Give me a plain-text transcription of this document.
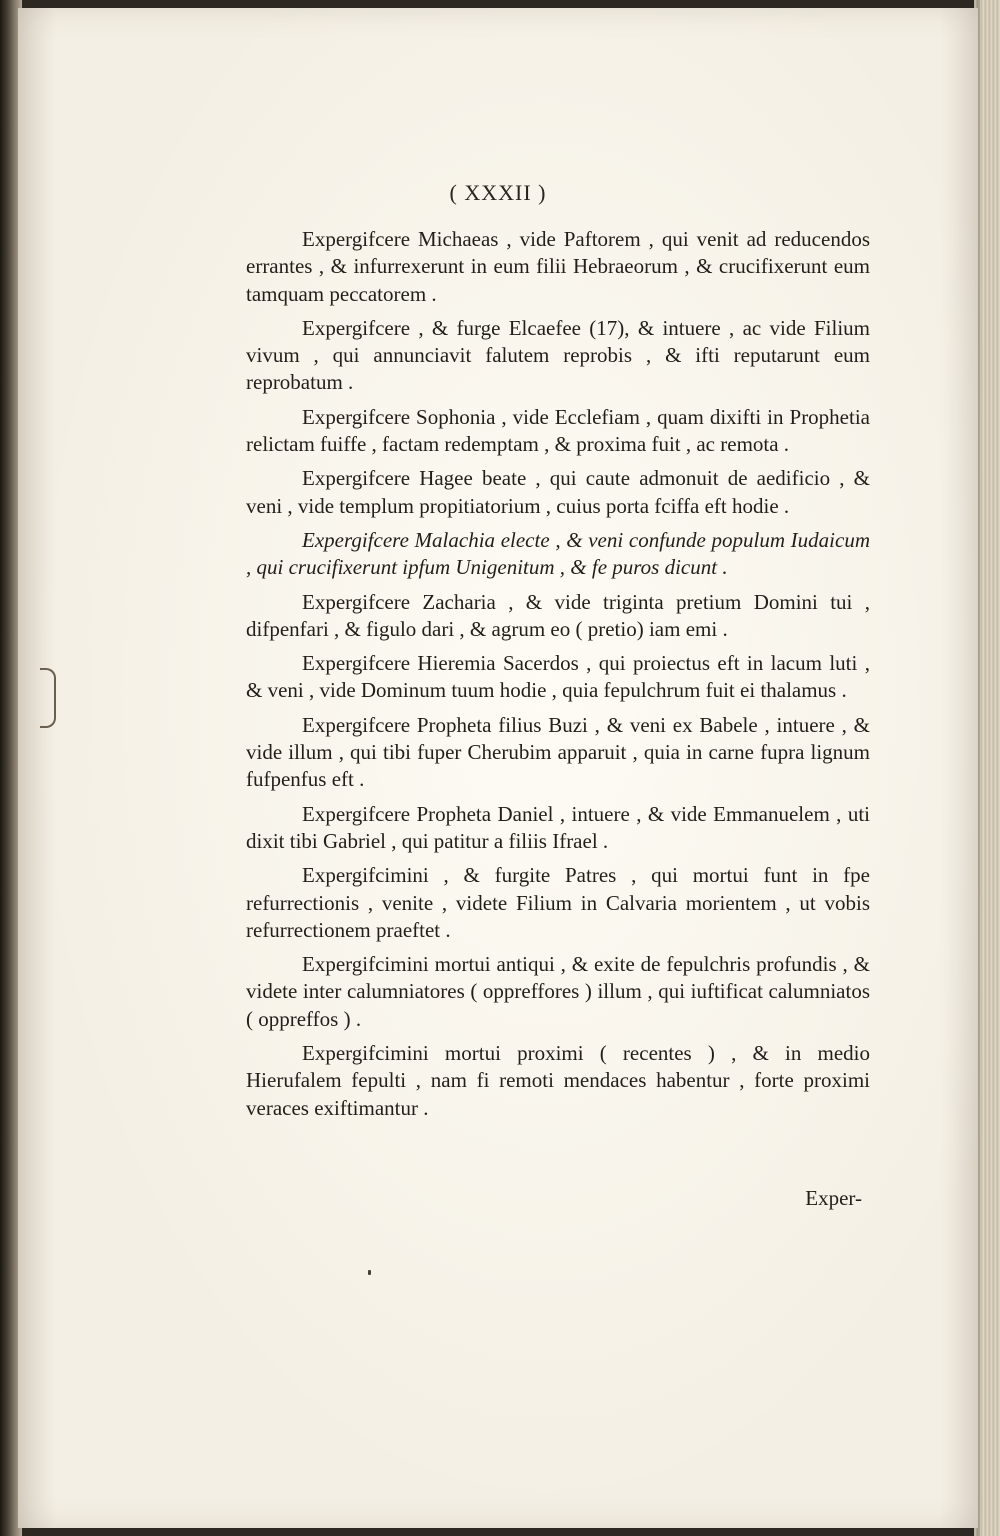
( XXXII )

Expergifcere Michaeas , vide Paftorem , qui venit ad reducendos errantes , & infurrexerunt in eum filii Hebraeorum , & crucifixerunt eum tamquam peccatorem .

Expergifcere , & furge Elcaefee (17), & intuere , ac vide Filium vivum , qui annunciavit falutem reprobis , & ifti reputarunt eum reprobatum .

Expergifcere Sophonia , vide Ecclefiam , quam dixifti in Prophetia relictam fuiffe , factam redemptam , & proxima fuit , ac remota .

Expergifcere Hagee beate , qui caute admonuit de aedificio , & veni , vide templum propitiatorium , cuius porta fciffa eft hodie .

Expergifcere Malachia electe , & veni confunde populum Iudaicum , qui crucifixerunt ipfum Unigenitum , & fe puros dicunt .

Expergifcere Zacharia , & vide triginta pretium Domini tui , difpenfari , & figulo dari , & agrum eo ( pretio) iam emi .

Expergifcere Hieremia Sacerdos , qui proiectus eft in lacum luti , & veni , vide Dominum tuum hodie , quia fepulchrum fuit ei thalamus .

Expergifcere Propheta filius Buzi , & veni ex Babele , intuere , & vide illum , qui tibi fuper Cherubim apparuit , quia in carne fupra lignum fufpenfus eft .

Expergifcere Propheta Daniel , intuere , & vide Emmanuelem , uti dixit tibi Gabriel , qui patitur a filiis Ifrael .

Expergifcimini , & furgite Patres , qui mortui funt in fpe refurrectionis , venite , videte Filium in Calvaria morientem , ut vobis refurrectionem praeftet .

Expergifcimini mortui antiqui , & exite de fepulchris profundis , & videte inter calumniatores ( oppreffores ) illum , qui iuftificat calumniatos ( oppreffos ) .

Expergifcimini mortui proximi ( recentes ) , & in medio Hierufalem fepulti , nam fi remoti mendaces habentur , forte proximi veraces exiftimantur .

Exper-
